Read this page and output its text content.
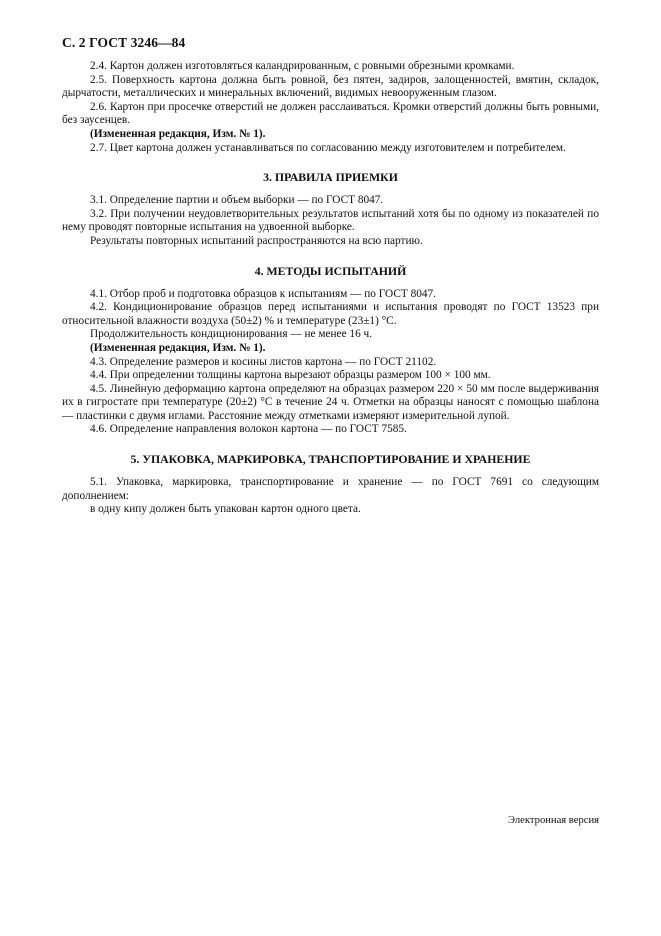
С. 2 ГОСТ 3246—84

2.4. Картон должен изготовляться каландрированным, с ровными обрезными кромками.

2.5. Поверхность картона должна быть ровной, без пятен, задиров, залощенностей, вмятин, складок, дырчатости, металлических и минеральных включений, видимых невооруженным глазом.

2.6. Картон при просечке отверстий не должен расслаиваться. Кромки отверстий должны быть ровными, без заусенцев.

(Измененная редакция, Изм. № 1).

2.7. Цвет картона должен устанавливаться по согласованию между изготовителем и потребителем.

3. ПРАВИЛА ПРИЕМКИ

3.1. Определение партии и объем выборки — по ГОСТ 8047.

3.2. При получении неудовлетворительных результатов испытаний хотя бы по одному из показателей по нему проводят повторные испытания на удвоенной выборке.

Результаты повторных испытаний распространяются на всю партию.

4. МЕТОДЫ ИСПЫТАНИЙ

4.1. Отбор проб и подготовка образцов к испытаниям — по ГОСТ 8047.

4.2. Кондиционирование образцов перед испытаниями и испытания проводят по ГОСТ 13523 при относительной влажности воздуха (50±2) % и температуре (23±1) °С.

Продолжительность кондиционирования — не менее 16 ч.

(Измененная редакция, Изм. № 1).

4.3. Определение размеров и косины листов картона — по ГОСТ 21102.

4.4. При определении толщины картона вырезают образцы размером 100 × 100 мм.

4.5. Линейную деформацию картона определяют на образцах размером 220 × 50 мм после выдерживания их в гигростате при температуре (20±2) °С в течение 24 ч. Отметки на образцы наносят с помощью шаблона — пластинки с двумя иглами. Расстояние между отметками измеряют измерительной лупой.

4.6. Определение направления волокон картона — по ГОСТ 7585.

5. УПАКОВКА, МАРКИРОВКА, ТРАНСПОРТИРОВАНИЕ И ХРАНЕНИЕ

5.1. Упаковка, маркировка, транспортирование и хранение — по ГОСТ 7691 со следующим дополнением:

в одну кипу должен быть упакован картон одного цвета.

Электронная версия
